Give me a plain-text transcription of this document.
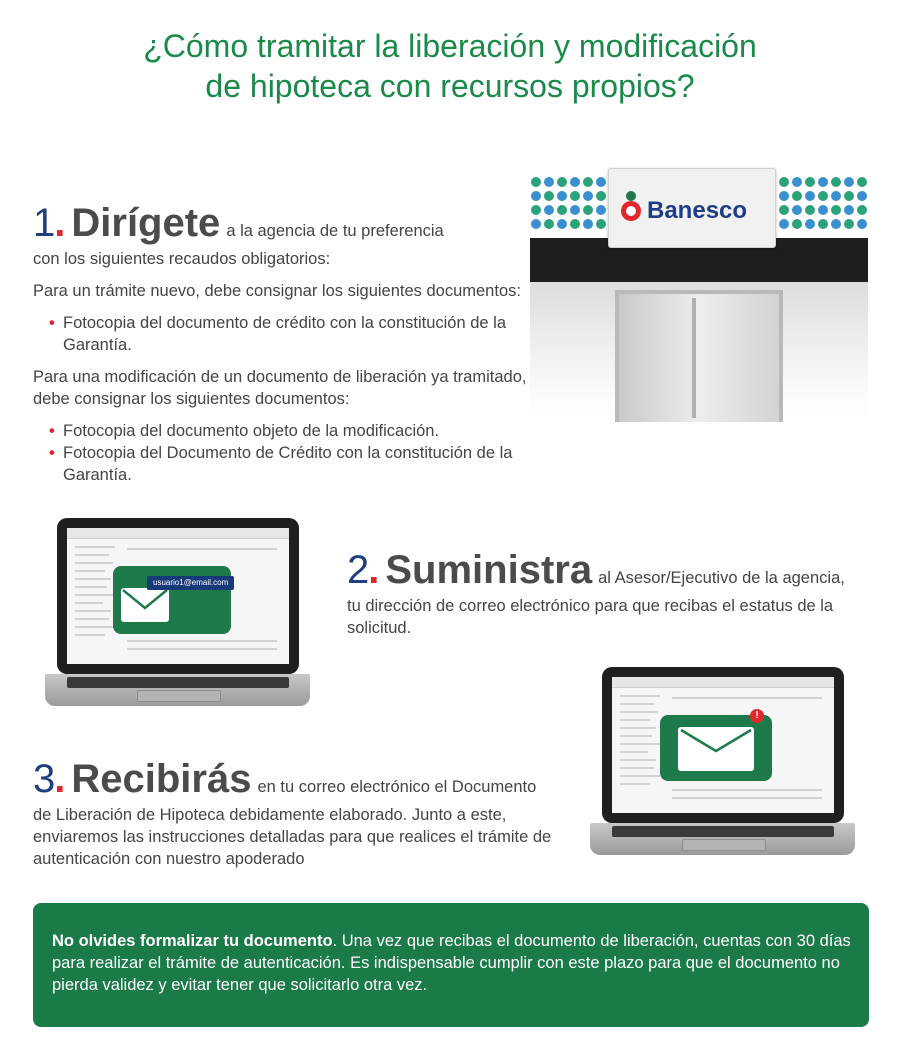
¿Cómo tramitar la liberación y modificación
de hipoteca con recursos propios?
1. Dirígete a la agencia de tu preferencia

con los siguientes recaudos obligatorios:

Para un trámite nuevo, debe consignar los siguientes documentos:

• Fotocopia del documento de crédito con la constitución de la Garantía.

Para una modificación de un documento de liberación ya tramitado, debe consignar los siguientes documentos:

• Fotocopia del documento objeto de la modificación.
• Fotocopia del Documento de Crédito con la constitución de la Garantía.
Banesco
usuario1@email.com	2. Suministra al Asesor/Ejecutivo de la agencia,

tu dirección de correo electrónico para que recibas el estatus de la solicitud.

!
3. Recibirás en tu correo electrónico el Documento

de Liberación de Hipoteca debidamente elaborado. Junto a este, enviaremos las instrucciones detalladas para que realices el trámite de autenticación con nuestro apoderado

No olvides formalizar tu documento. Una vez que recibas el documento de liberación, cuentas con 30 días para realizar el trámite de autenticación. Es indispensable cumplir con este plazo para que el documento no pierda validez y evitar tener que solicitarlo otra vez.
